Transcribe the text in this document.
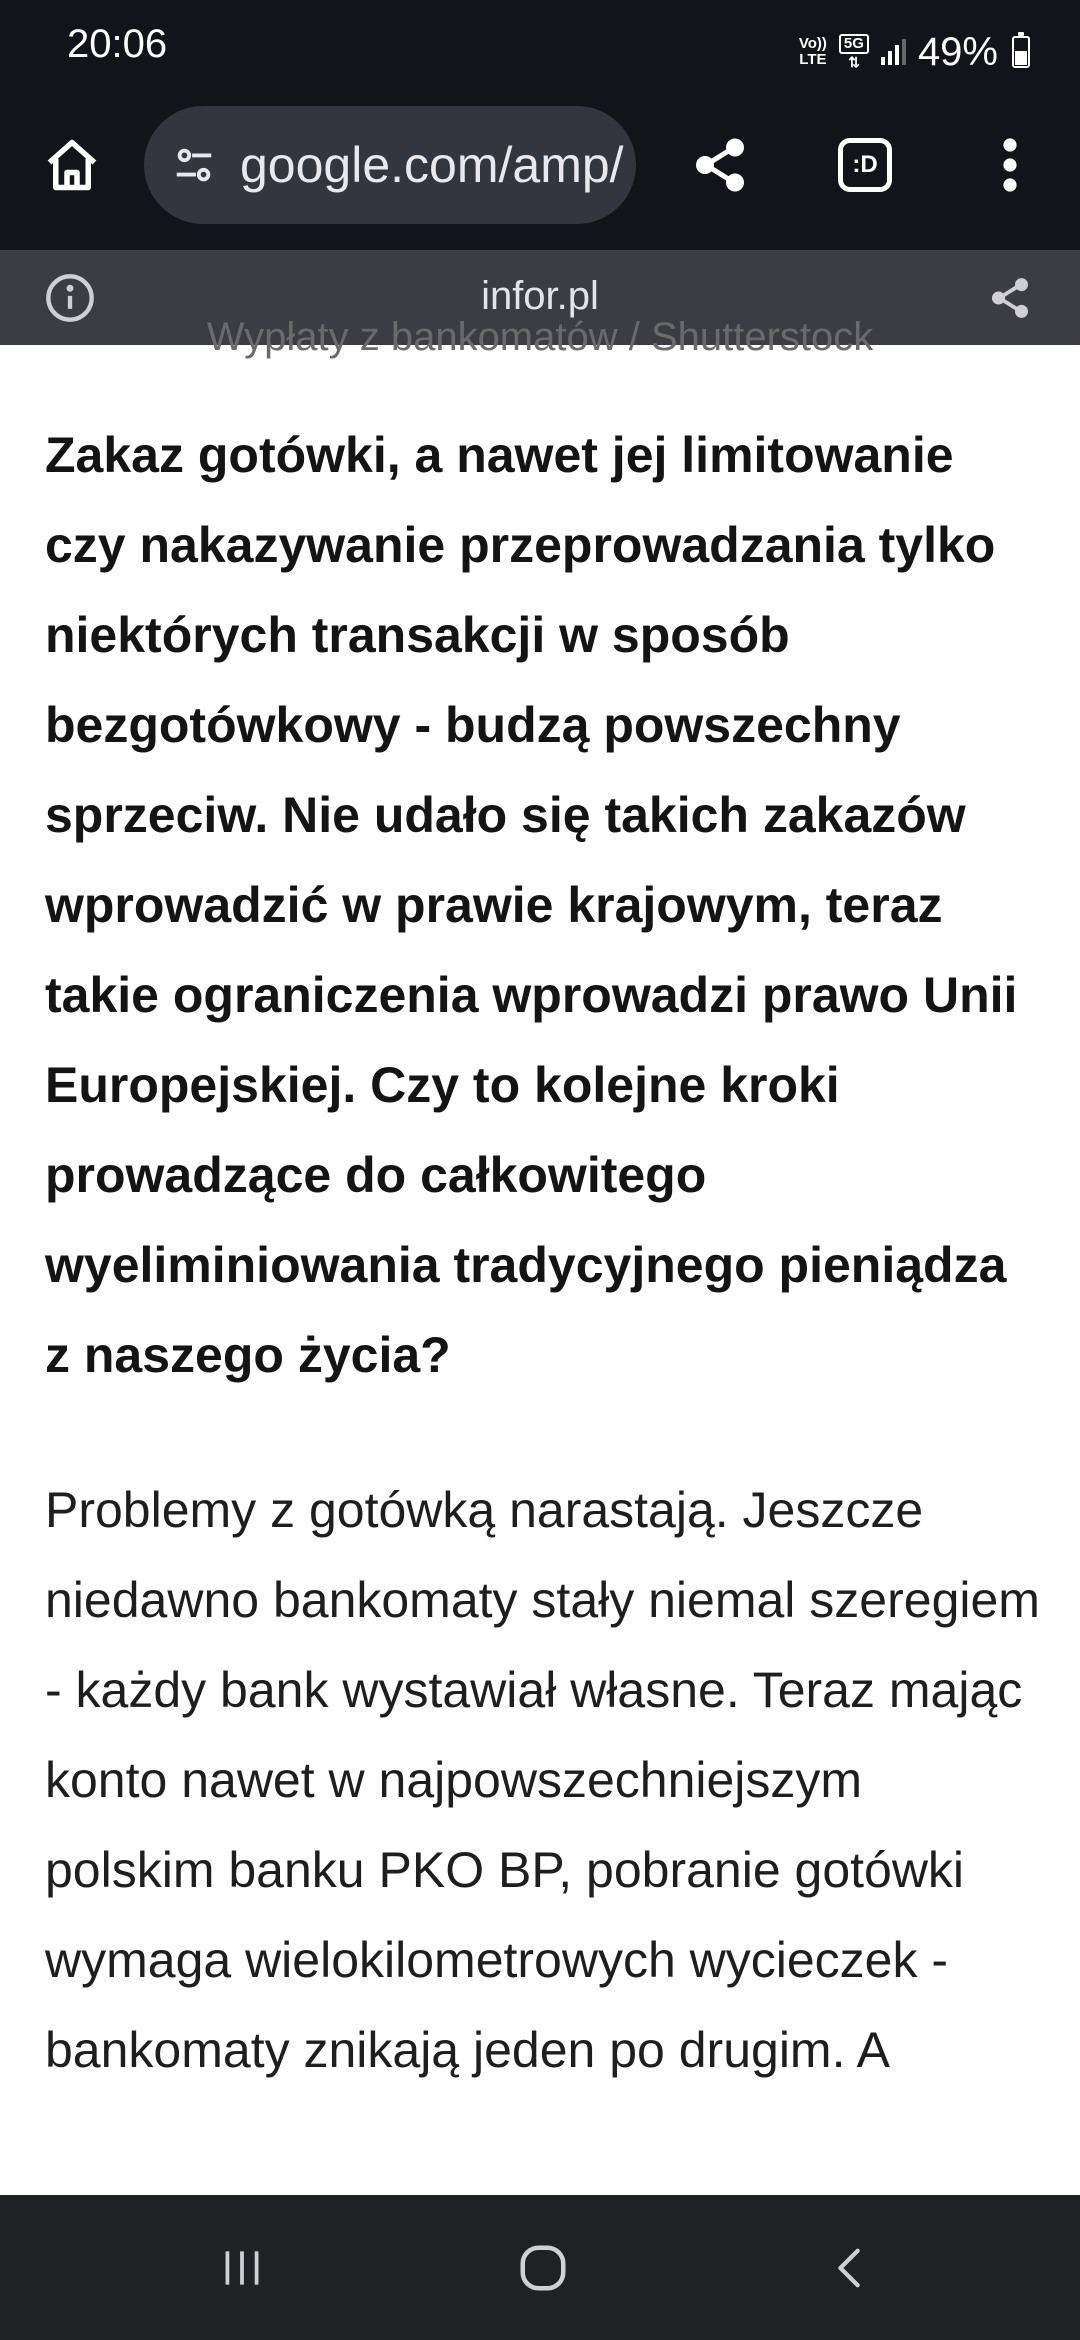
20:06	Vo))
LTE
5G
⇅ 49%
google.com/amp/	:D
infor.pl
Wypłaty z bankomatów / Shutterstock

Zakaz gotówki, a nawet jej limitowanie czy nakazywanie przeprowadzania tylko niektórych transakcji w sposób bezgotówkowy - budzą powszechny sprzeciw. Nie udało się takich zakazów wprowadzić w prawie krajowym, teraz takie ograniczenia wprowadzi prawo Unii Europejskiej. Czy to kolejne kroki prowadzące do całkowitego wyeliminiowania tradycyjnego pieniądza z naszego życia?

Problemy z gotówką narastają. Jeszcze niedawno bankomaty stały niemal szeregiem - każdy bank wystawiał własne. Teraz mając konto nawet w najpowszechniejszym polskim banku PKO BP, pobranie gotówki wymaga wielokilometrowych wycieczek - bankomaty znikają jeden po drugim. A
